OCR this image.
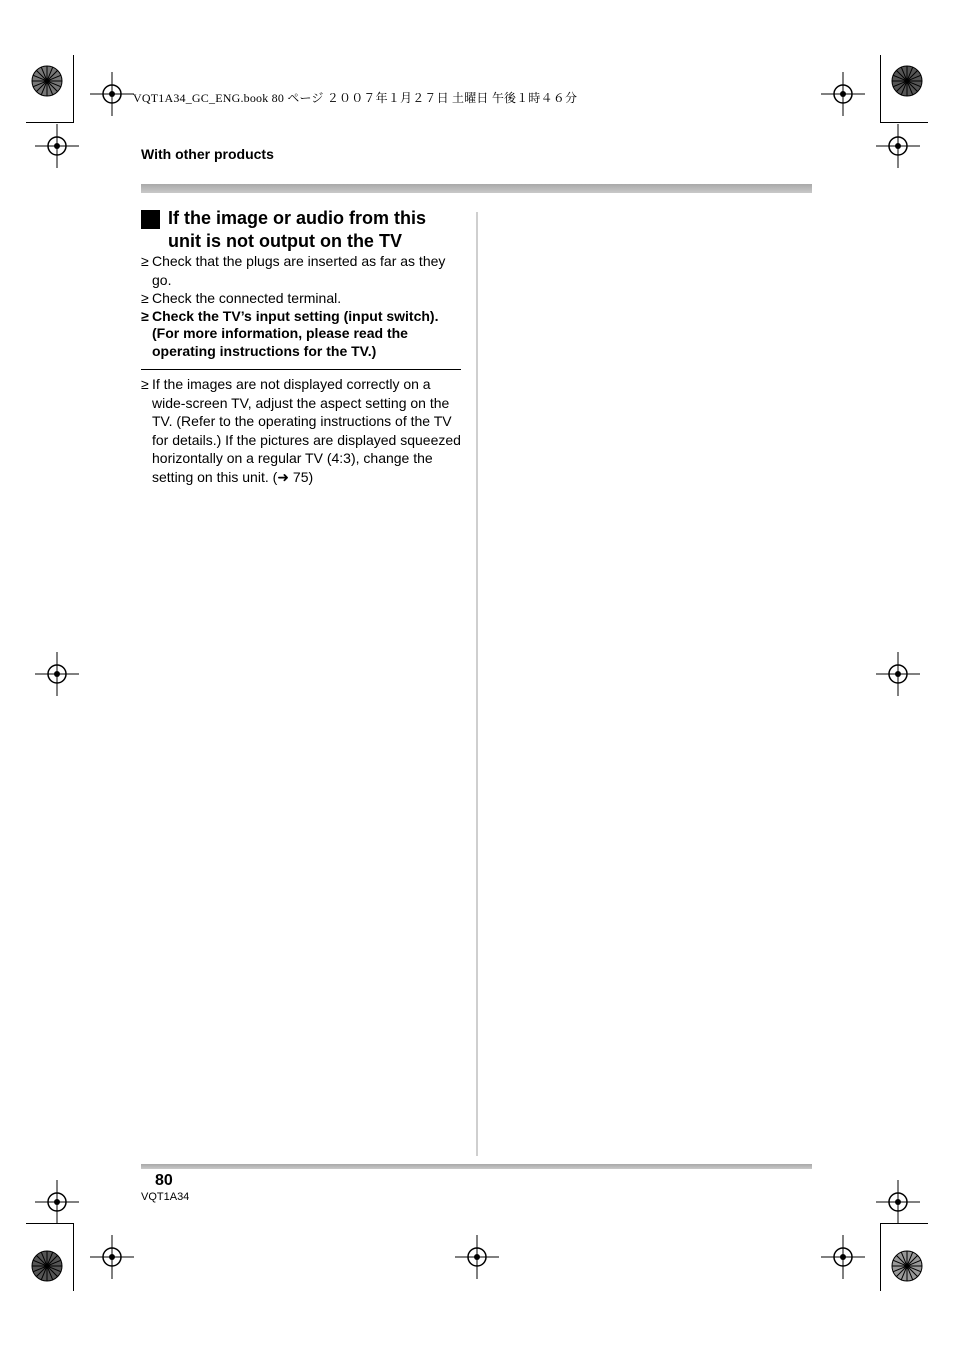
VQT1A34_GC_ENG.book 80 ページ ２００７年１月２７日 土曜日 午後１時４６分
With other products
If the image or audio from this unit is not output on the TV
≥ Check that the plugs are inserted as far as they go.
≥ Check the connected terminal.
≥ Check the TV’s input setting (input switch). (For more information, please read the operating instructions for the TV.)
≥ If the images are not displayed correctly on a wide-screen TV, adjust the aspect setting on the TV. (Refer to the operating instructions of the TV for details.) If the pictures are displayed squeezed horizontally on a regular TV (4:3), change the setting on this unit. (➜ 75)
80
VQT1A34
